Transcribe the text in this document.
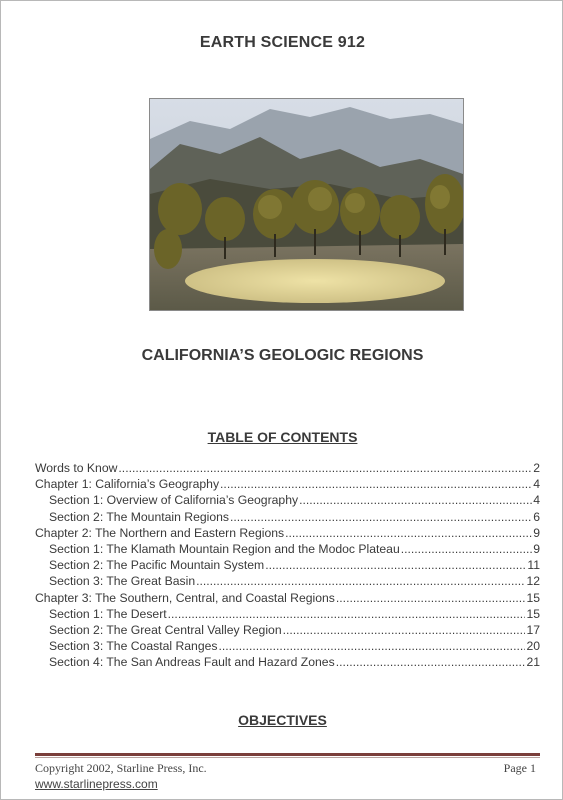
EARTH SCIENCE 912
CALIFORNIA’S GEOLOGIC REGIONS
TABLE OF CONTENTS
Words to Know .....	2
Chapter 1: California’s Geography .....	4
Section 1: Overview of California’s Geography .....	4
Section 2: The Mountain Regions .....	6
Chapter 2: The Northern and Eastern Regions .....	9
Section 1: The Klamath Mountain Region and the Modoc Plateau .....	9
Section 2: The Pacific Mountain System .....	11
Section 3: The Great Basin .....	12
Chapter 3: The Southern, Central, and Coastal Regions .....	15
Section 1: The Desert .....	15
Section 2: The Great Central Valley Region .....	17
Section 3: The Coastal Ranges .....	20
Section 4: The San Andreas Fault and Hazard Zones .....	21
OBJECTIVES
Copyright 2002, Starline Press, Inc.
www.starlinepress.com
Page 1
